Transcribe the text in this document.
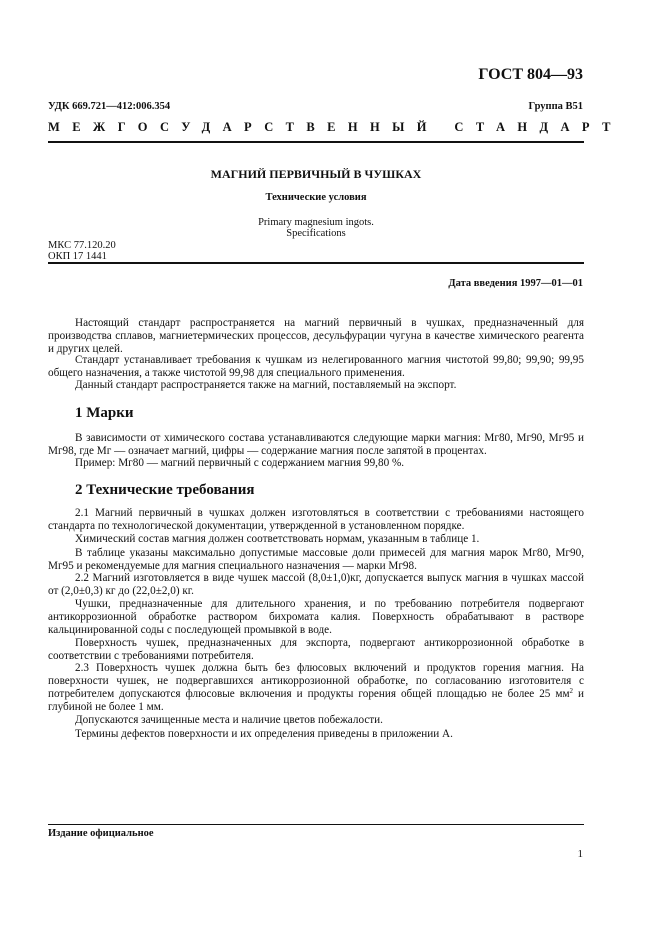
ГОСТ 804—93
УДК 669.721—412:006.354	Группа В51
МЕЖГОСУДАРСТВЕННЫЙ СТАНДАРТ
МАГНИЙ ПЕРВИЧНЫЙ В ЧУШКАХ
Технические условия
Primary magnesium ingots.
Specifications
МКС 77.120.20
ОКП 17 1441
Дата введения 1997—01—01
Настоящий стандарт распространяется на магний первичный в чушках, предназначенный для производства сплавов, магниетермических процессов, десульфурации чугуна в качестве химического реагента и других целей.
Стандарт устанавливает требования к чушкам из нелегированного магния чистотой 99,80; 99,90; 99,95 общего назначения, а также чистотой 99,98 для специального применения.
Данный стандарт распространяется также на магний, поставляемый на экспорт.
1 Марки
В зависимости от химического состава устанавливаются следующие марки магния: Мг80, Мг90, Мг95 и Мг98, где Мг — означает магний, цифры — содержание магния после запятой в процентах.
Пример: Мг80 — магний первичный с содержанием магния 99,80 %.
2 Технические требования
2.1 Магний первичный в чушках должен изготовляться в соответствии с требованиями настоящего стандарта по технологической документации, утвержденной в установленном порядке.
Химический состав магния должен соответствовать нормам, указанным в таблице 1.
В таблице указаны максимально допустимые массовые доли примесей для магния марок Мг80, Мг90, Мг95 и рекомендуемые для магния специального назначения — марки Мг98.
2.2 Магний изготовляется в виде чушек массой (8,0±1,0)кг, допускается выпуск магния в чушках массой от (2,0±0,3) кг до (22,0±2,0) кг.
Чушки, предназначенные для длительного хранения, и по требованию потребителя подвергают антикоррозионной обработке раствором бихромата калия. Поверхность обрабатывают в растворе кальцинированной соды с последующей промывкой в воде.
Поверхность чушек, предназначенных для экспорта, подвергают антикоррозионной обработке в соответствии с требованиями потребителя.
2.3 Поверхность чушек должна быть без флюсовых включений и продуктов горения магния. На поверхности чушек, не подвергавшихся антикоррозионной обработке, по согласованию изготовителя с потребителем допускаются флюсовые включения и продукты горения общей площадью не более 25 $мм^2$ и глубиной не более 1 мм.
Допускаются зачищенные места и наличие цветов побежалости.
Термины дефектов поверхности и их определения приведены в приложении А.
Издание официальное
1
